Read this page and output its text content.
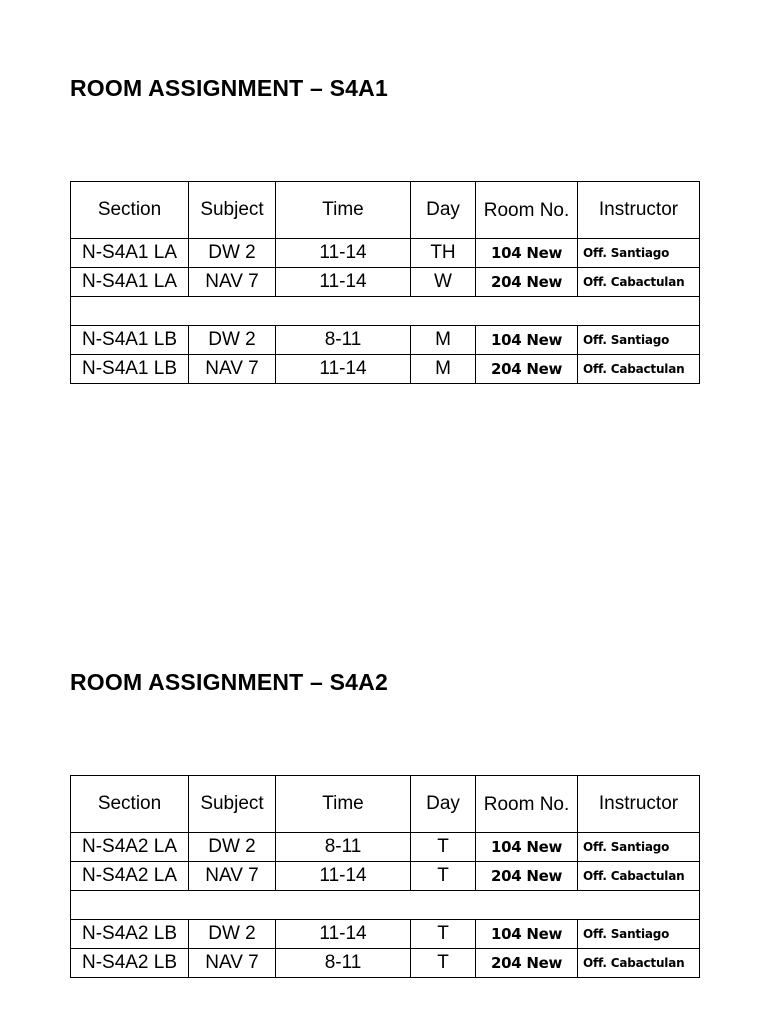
ROOM ASSIGNMENT – S4A1
Section	Subject	Time	Day	Room No.	Instructor
N-S4A1 LA	DW 2	11-14	TH	104 New	Off. Santiago
N-S4A1 LA	NAV 7	11-14	W	204 New	Off. Cabactulan

N-S4A1 LB	DW 2	8-11	M	104 New	Off. Santiago
N-S4A1 LB	NAV 7	11-14	M	204 New	Off. Cabactulan
ROOM ASSIGNMENT – S4A2
Section	Subject	Time	Day	Room No.	Instructor
N-S4A2 LA	DW 2	8-11	T	104 New	Off. Santiago
N-S4A2 LA	NAV 7	11-14	T	204 New	Off. Cabactulan

N-S4A2 LB	DW 2	11-14	T	104 New	Off. Santiago
N-S4A2 LB	NAV 7	8-11	T	204 New	Off. Cabactulan
